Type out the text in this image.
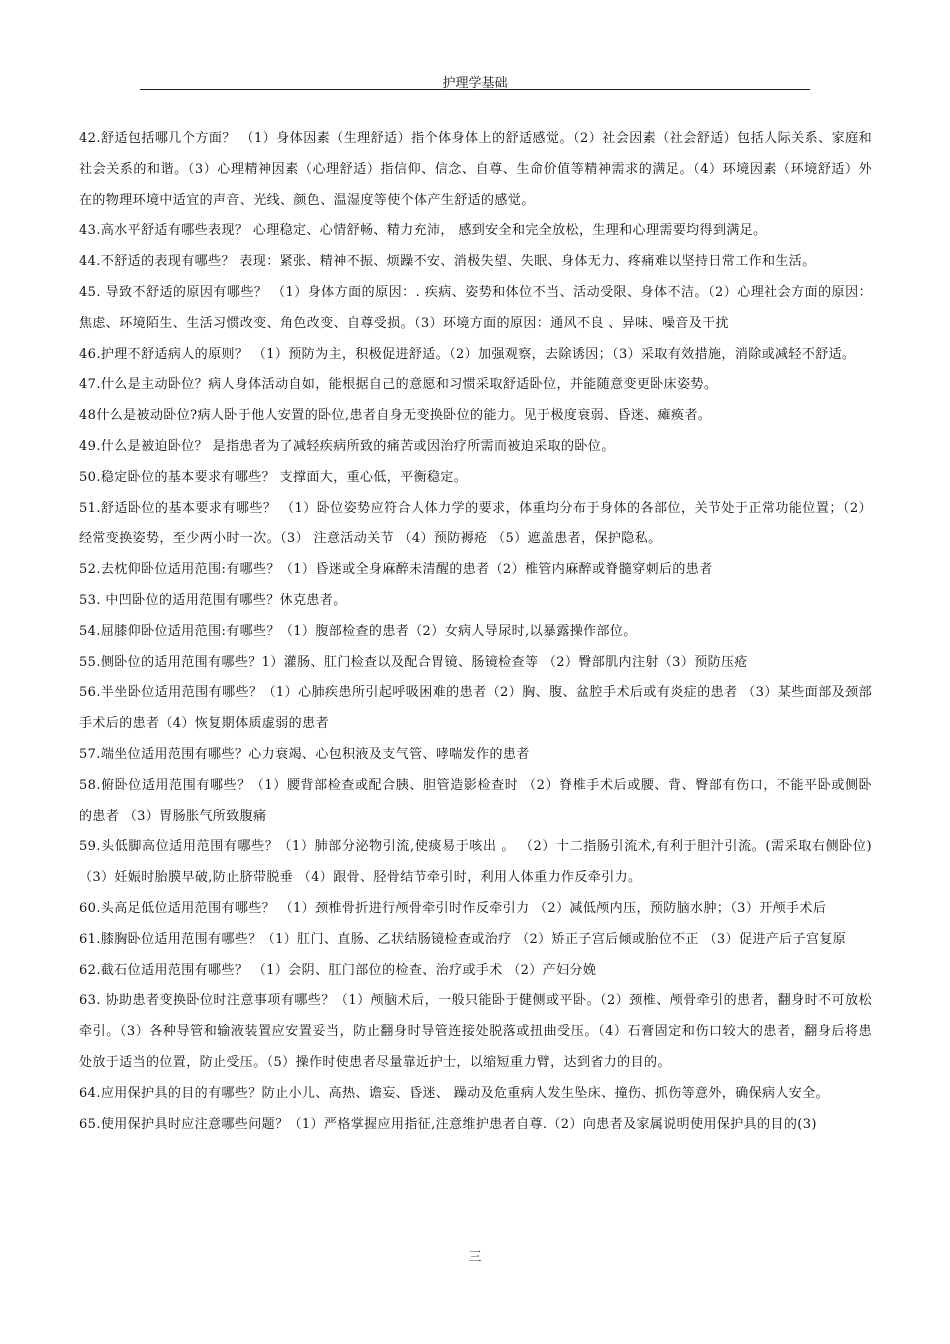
护理学基础

42.舒适包括哪几个方面？ （1）身体因素（生理舒适）指个体身体上的舒适感觉。（2）社会因素（社会舒适）包括人际关系、家庭和社会关系的和谐。（3）心理精神因素（心理舒适）指信仰、信念、自尊、生命价值等精神需求的满足。（4）环境因素（环境舒适）外在的物理环境中适宜的声音、光线、颜色、温湿度等使个体产生舒适的感觉。

43.高水平舒适有哪些表现？ 心理稳定、心情舒畅、精力充沛， 感到安全和完全放松，生理和心理需要均得到满足。

44.不舒适的表现有哪些？ 表现：紧张、精神不振、烦躁不安、消极失望、失眠、身体无力、疼痛难以坚持日常工作和生活。

45. 导致不舒适的原因有哪些？ （1）身体方面的原因：. 疾病、姿势和体位不当、活动受限、身体不洁。（2）心理社会方面的原因：焦虑、环境陌生、生活习惯改变、角色改变、自尊受损。（3）环境方面的原因：通风不良 、异味、噪音及干扰

46.护理不舒适病人的原则？ （1）预防为主，积极促进舒适。（2）加强观察，去除诱因；（3）采取有效措施，消除或减轻不舒适。

47.什么是主动卧位？病人身体活动自如，能根据自己的意愿和习惯采取舒适卧位，并能随意变更卧床姿势。

48什么是被动卧位?病人卧于他人安置的卧位,患者自身无变换卧位的能力。见于极度衰弱、昏迷、瘫痪者。

49.什么是被迫卧位？ 是指患者为了减轻疾病所致的痛苦或因治疗所需而被迫采取的卧位。

50.稳定卧位的基本要求有哪些？ 支撑面大，重心低，平衡稳定。

51.舒适卧位的基本要求有哪些？ （1）卧位姿势应符合人体力学的要求，体重均分布于身体的各部位，关节处于正常功能位置；（2）经常变换姿势，至少两小时一次。（3） 注意活动关节 （4）预防褥疮 （5）遮盖患者，保护隐私。

52.去枕仰卧位适用范围:有哪些？（1）昏迷或全身麻醉未清醒的患者（2）椎管内麻醉或脊髓穿刺后的患者

53. 中凹卧位的适用范围有哪些？休克患者。

54.屈膝仰卧位适用范围:有哪些？（1）腹部检查的患者（2）女病人导尿时,以暴露操作部位。

55.侧卧位的适用范围有哪些？1）灌肠、肛门检查以及配合胃镜、肠镜检查等 （2）臀部肌内注射（3）预防压疮

56.半坐卧位适用范围有哪些？（1）心肺疾患所引起呼吸困难的患者（2）胸、腹、盆腔手术后或有炎症的患者 （3）某些面部及颈部手术后的患者（4）恢复期体质虚弱的患者

57.端坐位适用范围有哪些？心力衰竭、心包积液及支气管、哮喘发作的患者

58.俯卧位适用范围有哪些？（1）腰背部检查或配合胰、胆管造影检查时 （2）脊椎手术后或腰、背、臀部有伤口，不能平卧或侧卧的患者 （3）胃肠胀气所致腹痛

59.头低脚高位适用范围有哪些？（1）肺部分泌物引流,使痰易于咳出 。 （2）十二指肠引流术,有利于胆汁引流。(需采取右侧卧位) （3）妊娠时胎膜早破,防止脐带脱垂 （4）跟骨、胫骨结节牵引时，利用人体重力作反牵引力。

60.头高足低位适用范围有哪些？ （1）颈椎骨折进行颅骨牵引时作反牵引力 （2）减低颅内压，预防脑水肿；（3）开颅手术后

61.膝胸卧位适用范围有哪些？（1）肛门、直肠、乙状结肠镜检查或治疗 （2）矫正子宫后倾或胎位不正 （3）促进产后子宫复原

62.截石位适用范围有哪些？ （1）会阴、肛门部位的检查、治疗或手术 （2）产妇分娩

63. 协助患者变换卧位时注意事项有哪些？（1）颅脑术后，一般只能卧于健侧或平卧。（2）颈椎、颅骨牵引的患者，翻身时不可放松牵引。（3）各种导管和输液装置应安置妥当，防止翻身时导管连接处脱落或扭曲受压。（4）石膏固定和伤口较大的患者，翻身后将患处放于适当的位置，防止受压。（5）操作时使患者尽量靠近护士，以缩短重力臂，达到省力的目的。

64.应用保护具的目的有哪些？防止小儿、高热、谵妄、昏迷、 躁动及危重病人发生坠床、撞伤、抓伤等意外，确保病人安全。

65.使用保护具时应注意哪些问题？（1）严格掌握应用指征,注意维护患者自尊.（2）向患者及家属说明使用保护具的目的(3)

三
